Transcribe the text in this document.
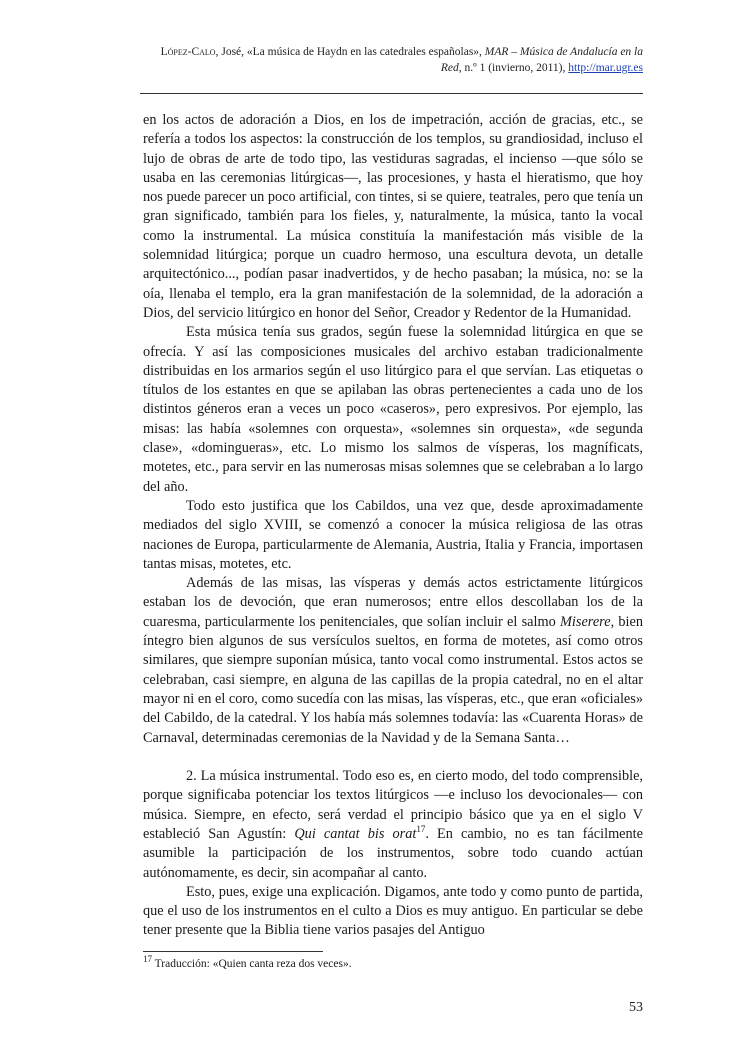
López-Calo, José, «La música de Haydn en las catedrales españolas», MAR – Música de Andalucía en la Red, n.º 1 (invierno, 2011), http://mar.ugr.es

en los actos de adoración a Dios, en los de impetración, acción de gracias, etc., se refería a todos los aspectos: la construcción de los templos, su grandiosidad, incluso el lujo de obras de arte de todo tipo, las vestiduras sagradas, el incienso —que sólo se usaba en las ceremonias litúrgicas—, las procesiones, y hasta el hieratismo, que hoy nos puede parecer un poco artificial, con tintes, si se quiere, teatrales, pero que tenía un gran significado, también para los fieles, y, naturalmente, la música, tanto la vocal como la instrumental. La música constituía la manifestación más visible de la solemnidad litúrgica; porque un cuadro hermoso, una escultura devota, un detalle arquitectónico..., podían pasar inadvertidos, y de hecho pasaban; la música, no: se la oía, llenaba el templo, era la gran manifestación de la solemnidad, de la adoración a Dios, del servicio litúrgico en honor del Señor, Creador y Redentor de la Humanidad.

Esta música tenía sus grados, según fuese la solemnidad litúrgica en que se ofrecía. Y así las composiciones musicales del archivo estaban tradicionalmente distribuidas en los armarios según el uso litúrgico para el que servían. Las etiquetas o títulos de los estantes en que se apilaban las obras pertenecientes a cada uno de los distintos géneros eran a veces un poco «caseros», pero expresivos. Por ejemplo, las misas: las había «solemnes con orquesta», «solemnes sin orquesta», «de segunda clase», «domingueras», etc. Lo mismo los salmos de vísperas, los magníficats, motetes, etc., para servir en las numerosas misas solemnes que se celebraban a lo largo del año.

Todo esto justifica que los Cabildos, una vez que, desde aproximadamente mediados del siglo XVIII, se comenzó a conocer la música religiosa de las otras naciones de Europa, particularmente de Alemania, Austria, Italia y Francia, importasen tantas misas, motetes, etc.

Además de las misas, las vísperas y demás actos estrictamente litúrgicos estaban los de devoción, que eran numerosos; entre ellos descollaban los de la cuaresma, particularmente los penitenciales, que solían incluir el salmo Miserere, bien íntegro bien algunos de sus versículos sueltos, en forma de motetes, así como otros similares, que siempre suponían música, tanto vocal como instrumental. Estos actos se celebraban, casi siempre, en alguna de las capillas de la propia catedral, no en el altar mayor ni en el coro, como sucedía con las misas, las vísperas, etc., que eran «oficiales» del Cabildo, de la catedral. Y los había más solemnes todavía: las «Cuarenta Horas» de Carnaval, determinadas ceremonias de la Navidad y de la Semana Santa…

2. La música instrumental. Todo eso es, en cierto modo, del todo comprensible, porque significaba potenciar los textos litúrgicos —e incluso los devocionales— con música. Siempre, en efecto, será verdad el principio básico que ya en el siglo V estableció San Agustín: Qui cantat bis orat$^{17}$. En cambio, no es tan fácilmente asumible la participación de los instrumentos, sobre todo cuando actúan autónomamente, es decir, sin acompañar al canto.

Esto, pues, exige una explicación. Digamos, ante todo y como punto de partida, que el uso de los instrumentos en el culto a Dios es muy antiguo. En particular se debe tener presente que la Biblia tiene varios pasajes del Antiguo

$^{17}$ Traducción: «Quien canta reza dos veces».
53
